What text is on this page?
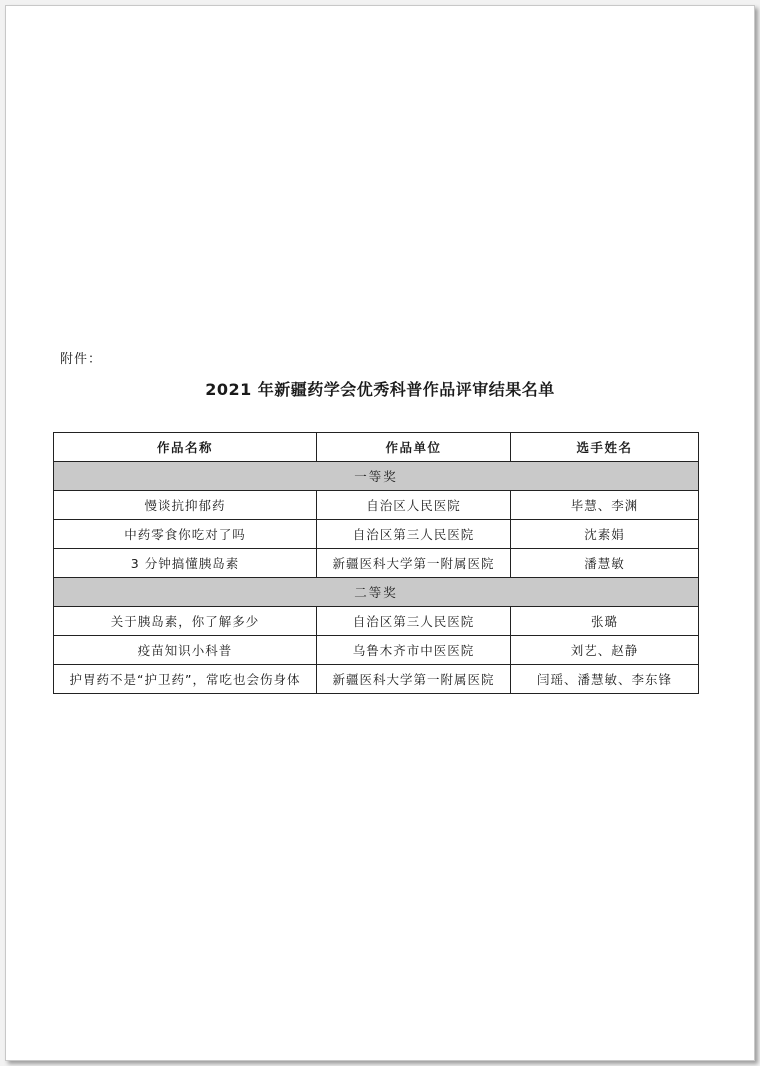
附件：
2021 年新疆药学会优秀科普作品评审结果名单
作品名称	作品单位	选手姓名
一等奖		
慢谈抗抑郁药	自治区人民医院	毕慧、李渊
中药零食你吃对了吗	自治区第三人民医院	沈素娟
3 分钟搞懂胰岛素	新疆医科大学第一附属医院	潘慧敏
二等奖		
关于胰岛素，你了解多少	自治区第三人民医院	张璐
疫苗知识小科普	乌鲁木齐市中医医院	刘艺、赵静
护胃药不是“护卫药”，常吃也会伤身体	新疆医科大学第一附属医院	闫瑶、潘慧敏、李东锋
